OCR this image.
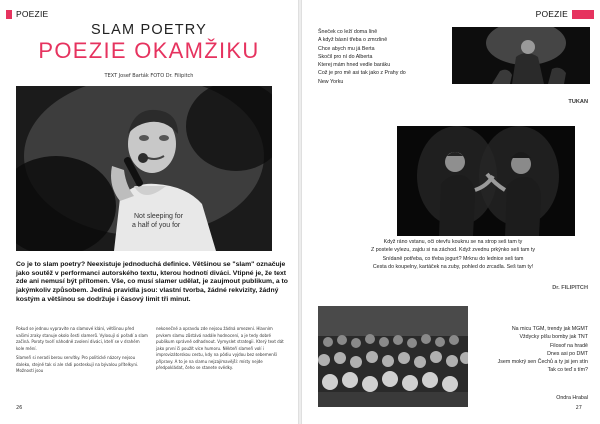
POEZIE
SLAM POETRY
POEZIE OKAMŽIKU
TEXT Josef Barták FOTO Dr. Filipitch
Not sleeping for
a half of you for
Co je to slam poetry? Neexistuje jednoduchá definice. Většinou se "slam" označuje jako soutěž v performanci autorského textu, kterou hodnotí diváci. Vtipné je, že text zde ani nemusí být přítomen. Vše, co musí slamer udělat, je zaujmout publikum, a to jakýmkoliv způsobem. Jediná pravidla jsou: vlastní tvorba, žádné rekvizity, žádný kostým a většinou se dodržuje i časový limit tři minut.

Pokud se jednou vypravíte na slamové klání, většinou před vašimi zraky stanuje okolo šesti slamerů. Vylosují si pořadí a slam začíná. Poroty tvoří náhodně zvolení diváci, kteří se v drahém kole mění.

Slameři si neradi berou servítky. Pro politické názory nejsou daleko, stejně tak si ale rádi posteskují na bývalou přítelkyni. Možností jsou

nekonečné a opravdu zde nejsou žádná omezení. Hlavním prvkem slamu zůstává nadále hodnocení, a je tedy dobré publikum správně odhadnout. Vymyslet strategii. Který text dát jako první či použít více humoru. Někteří slameři volí i improvizátorskou cestu, kdy na pódiu vyjdou bez sebemenší přípravy. A to je na slamu nejzajímavější: místy nejde předpokládat, čeho se stanete svědky.

26
POEZIE
Šneček co leží doma líně
A když básní třeba o zmrzlině
Chce abych mu já Berta
Skočil pro ní do Alberta
Kterej mám hned vedle baráku
Což je pro mě asi tak jako z Prahy do
New Yorku
TUKAN
Když ráno vstanu, oči otevřu kouknu se na strop seš tam ty
Z postele vylezu, zajdu si na záchod. Když zvednu prkýnko seš tam ty
Snídaně potřeba, co třeba jogurt? Mrknu do lednice seš tam
Cesta do koupelny, kartáček na zuby, pohled do zrcadla. Seš tam ty!
Dr. FILIPITCH
Na micu TGM, trendy jak MGMT
Vždycky píšu bomby jak TNT
Filosof na hradě
Dnes asi po DMT
Jsem mokrý sen Čechů a ty jsi jen stín
Tak co teď s tím?
Ondra Hrabal
27
